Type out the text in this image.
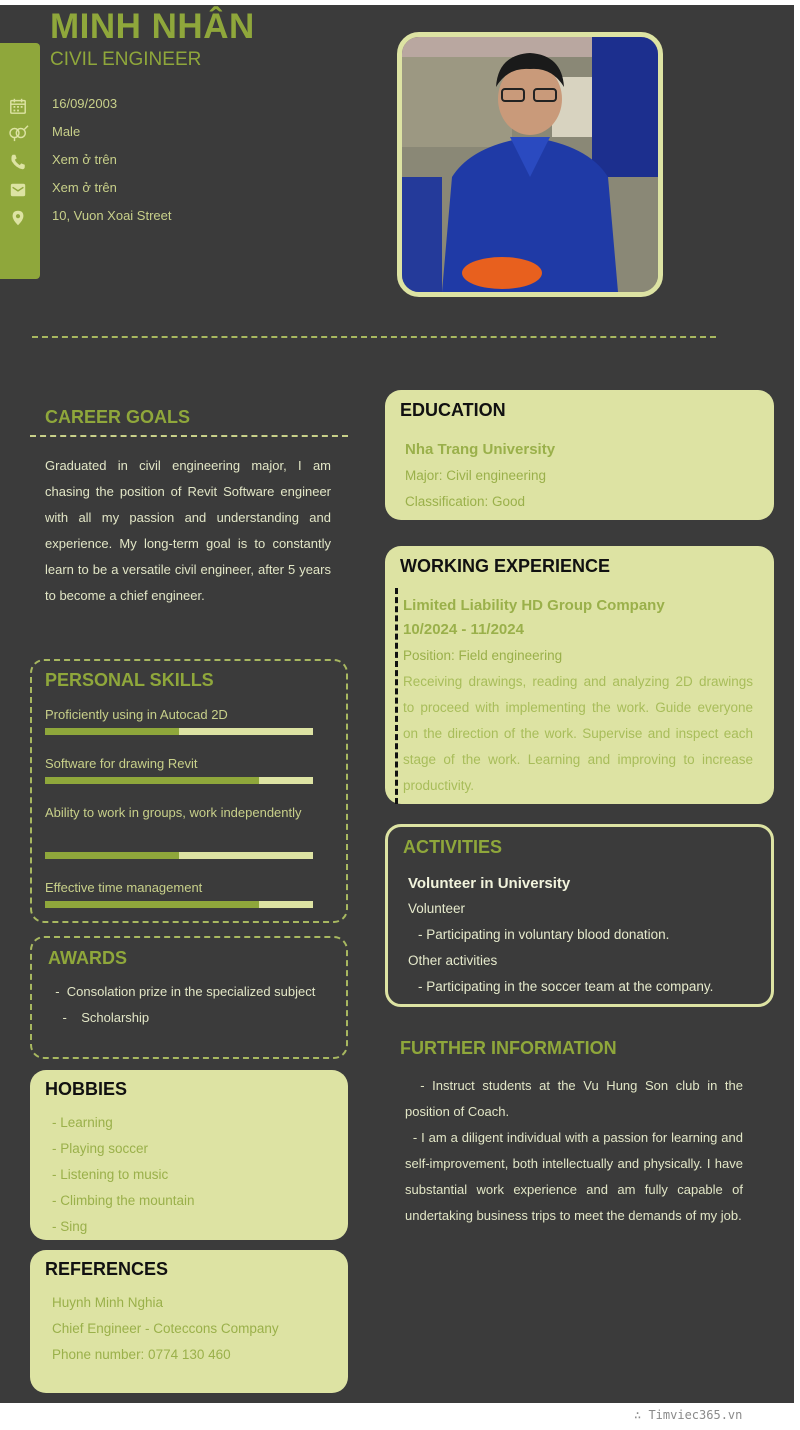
MINH NHÂN
CIVIL ENGINEER
16/09/2003
Male
Xem ở trên
Xem ở trên
10, Vuon Xoai Street
CAREER GOALS
Graduated in civil engineering major, I am chasing the position of Revit Software engineer with all my passion and understanding and experience. My long-term goal is to constantly learn to be a versatile civil engineer, after 5 years to become a chief engineer.
PERSONAL SKILLS
Proficiently using in Autocad 2D
Software for drawing Revit
Ability to work in groups, work independently
Effective time management
AWARDS
-  Consolation prize in the specialized subject
-    Scholarship
HOBBIES
- Learning
- Playing soccer
- Listening to music
- Climbing the mountain
- Sing
REFERENCES
Huynh Minh Nghia
Chief Engineer - Coteccons Company
Phone number: 0774 130 460
EDUCATION
Nha Trang University
Major: Civil engineering
Classification: Good
WORKING EXPERIENCE
Limited Liability HD Group Company
10/2024 - 11/2024
Position: Field engineering
Receiving drawings, reading and analyzing 2D drawings to proceed with implementing the work. Guide everyone on the direction of the work. Supervise and inspect each stage of the work. Learning and improving to increase productivity.
ACTIVITIES
Volunteer in University
Volunteer
- Participating in voluntary blood donation.
Other activities
- Participating in the soccer team at the company.
FURTHER INFORMATION
- Instruct students at the Vu Hung Son club in the position of Coach.
- I am a diligent individual with a passion for learning and self-improvement, both intellectually and physically. I have substantial work experience and am fully capable of undertaking business trips to meet the demands of my job.
∴ Timviec365.vn
